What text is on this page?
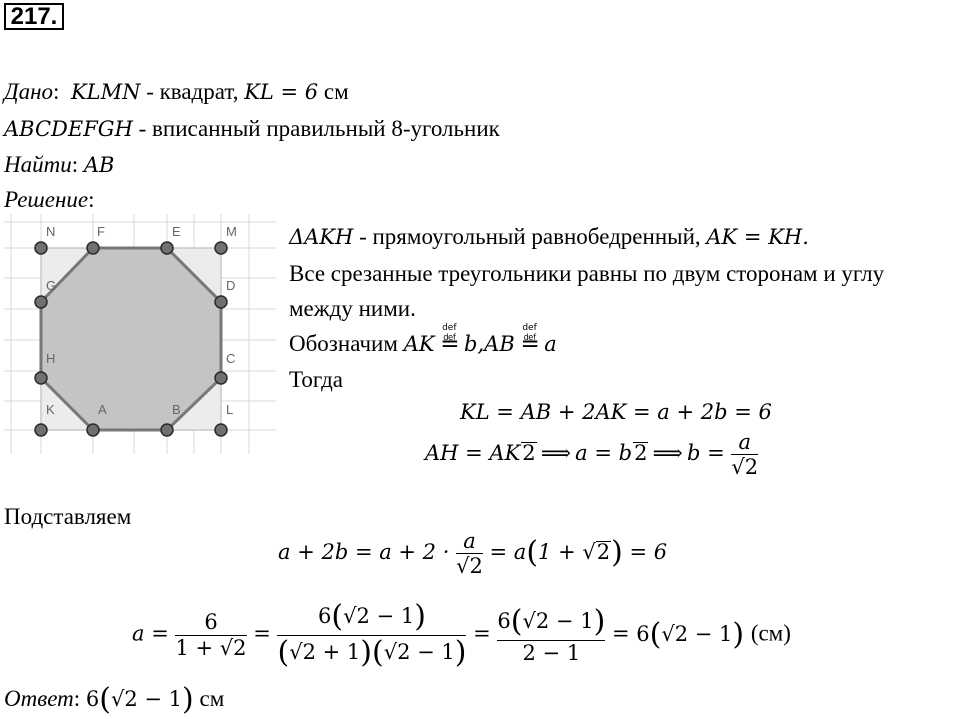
217.
Дано:  KLMN - квадрат, KL = 6 см
ABCDEFGH - вписанный правильный 8-угольник
Найти: AB
Решение:
N	F	E	M
G	D
H	C
K	A	B	L
ΔAKH - прямоугольный равнобедренный, AK = KH.
Все срезанные треугольники равны по двум сторонам и углу
между ними.
Обозначим AK
def
≝ b,AB
def
≝ a
Тогда
KL = AB + 2AK = a + 2b = 6
AH = AK2  ⟹ a = b2  ⟹ $b = \frac{a}{√2}$
Подставляем
$a + 2b = a + 2 \cdot \frac{a}{√2} = a(1 + √2) = 6$
$a = \frac{6}{1 + √2} = \frac{6(√2 - 1)}{(√2 + 1)(√2 - 1)} = \frac{6(√2 - 1)}{2 - 1} = 6(√2 - 1)$ (см)
Ответ: 6(√2 − 1) см
